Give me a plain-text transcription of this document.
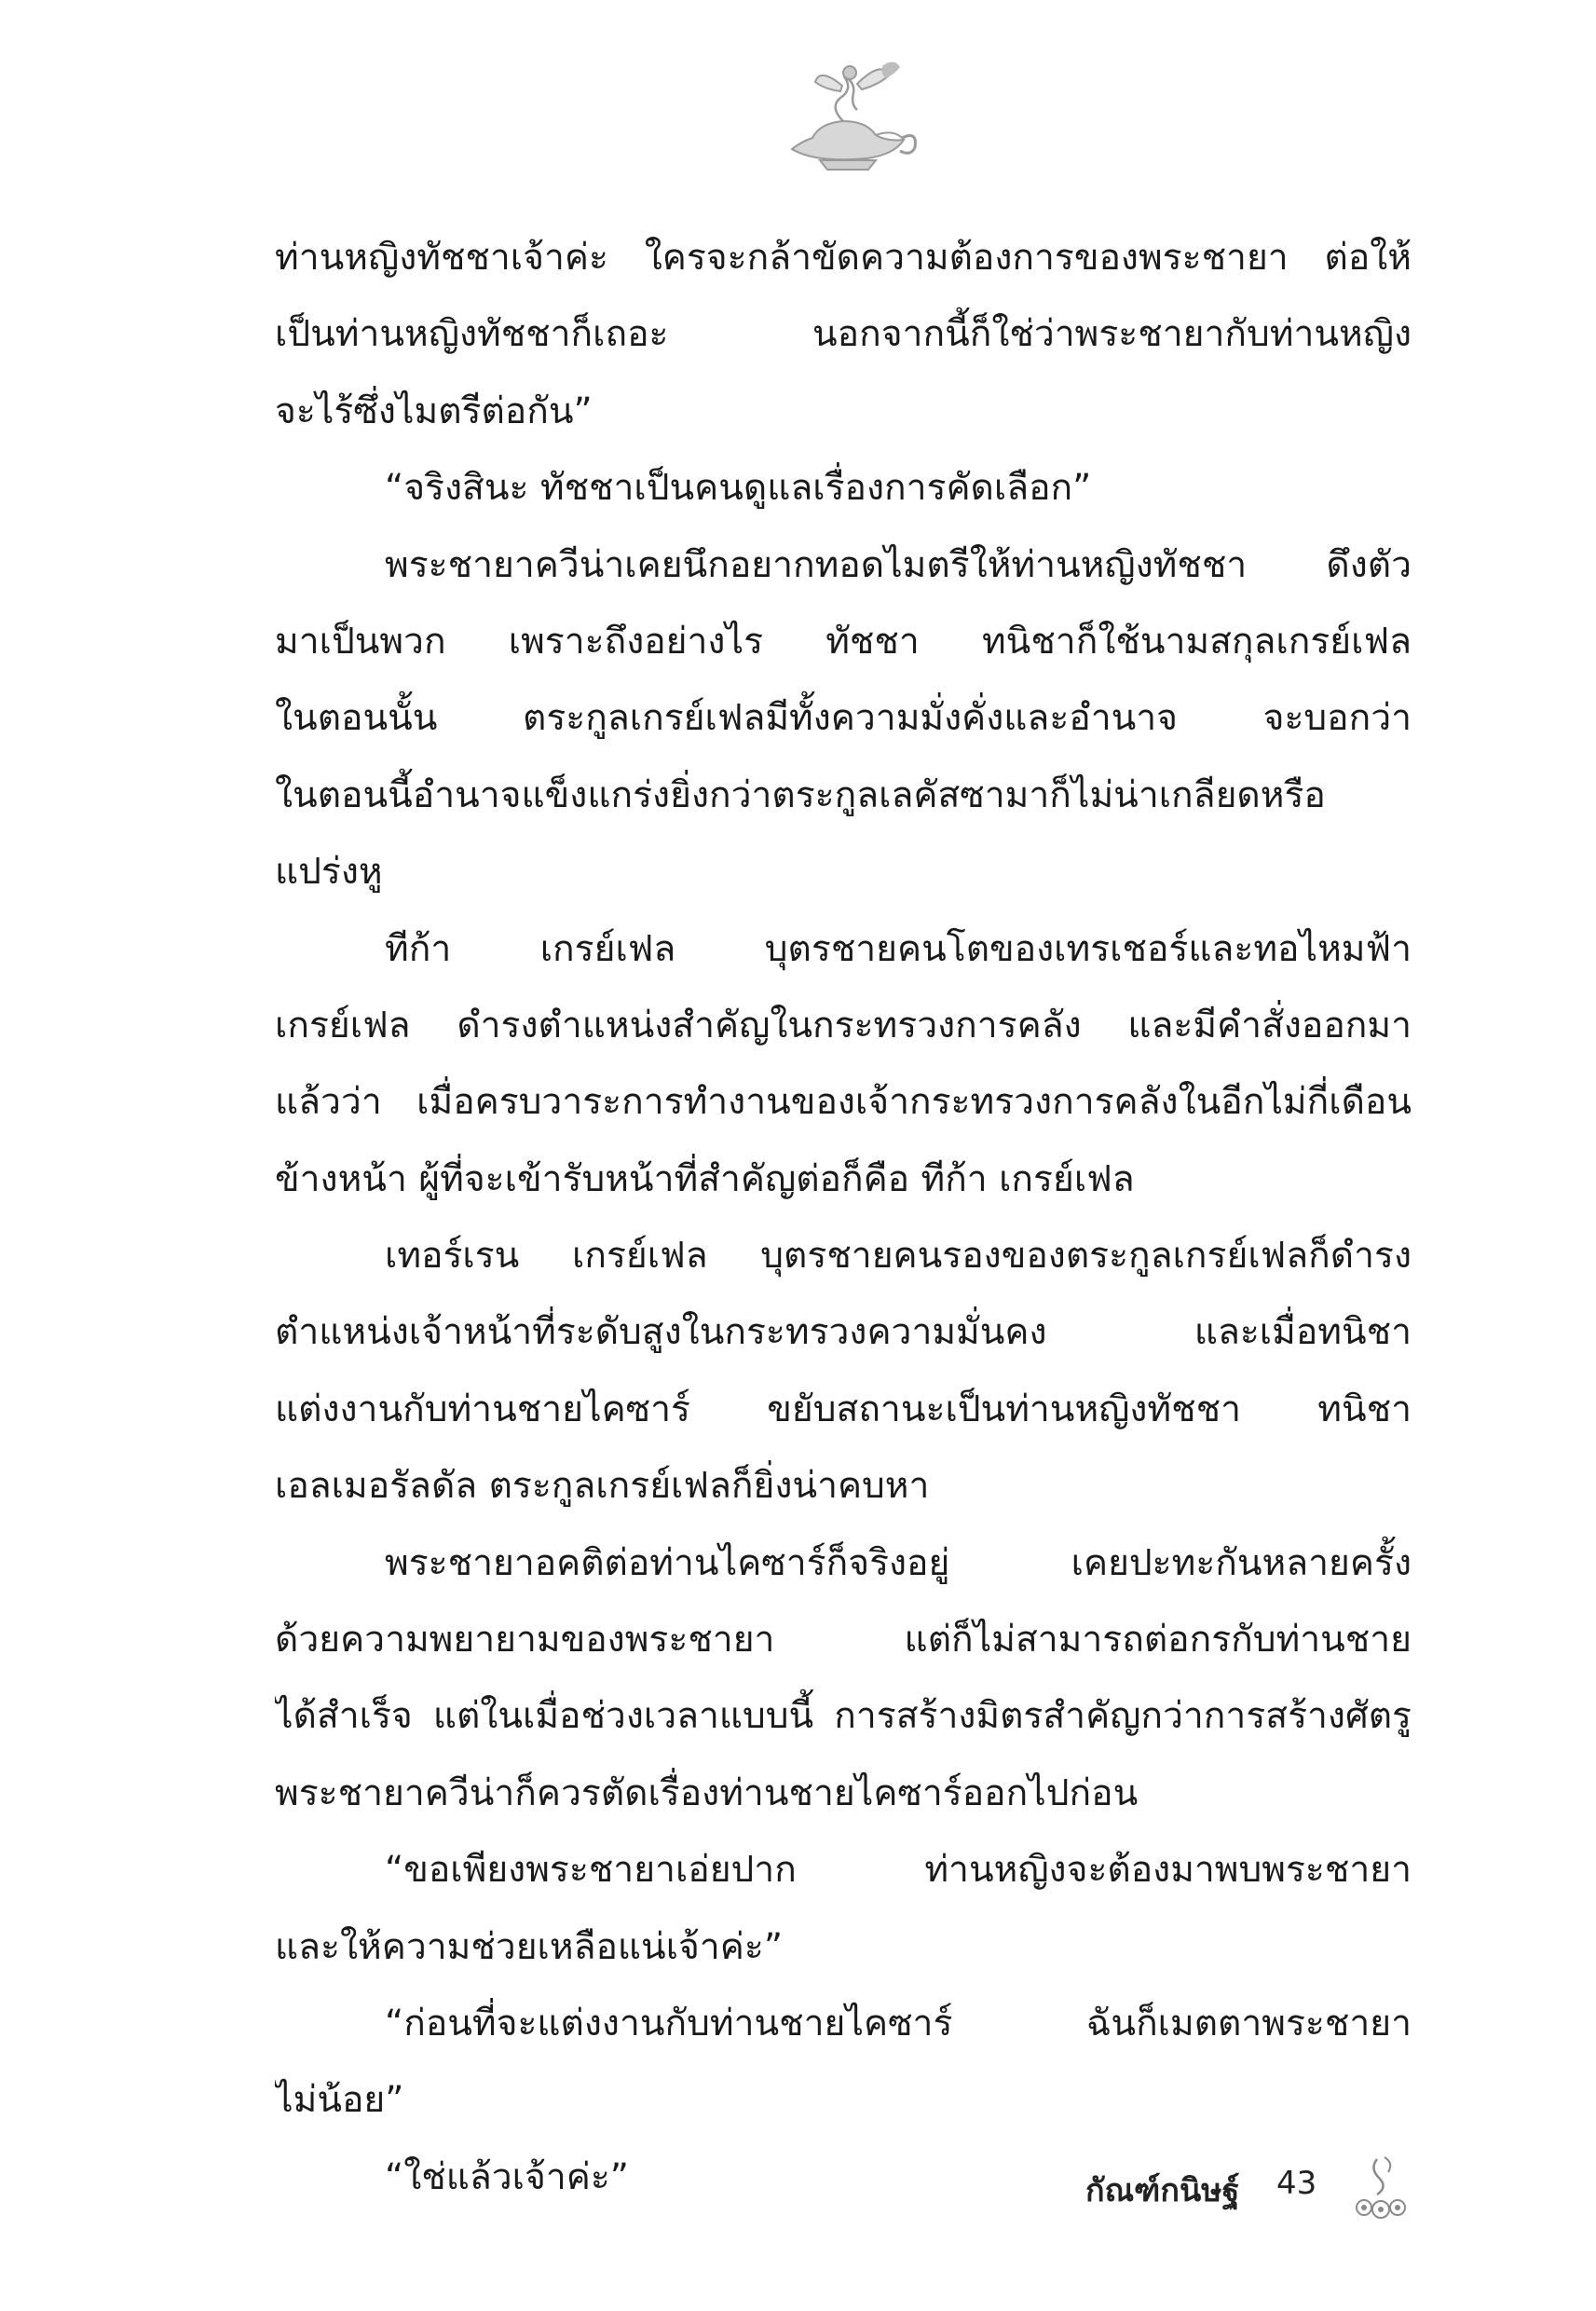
ท่านหญิงทัชชาเจ้าค่ะ ใครจะกล้าขัดความต้องการของพระชายา ต่อให้
เป็นท่านหญิงทัชชาก็เถอะ นอกจากนี้ก็ใช่ว่าพระชายากับท่านหญิง
จะไร้ซึ่งไมตรีต่อกัน”
“จริงสินะ ทัชชาเป็นคนดูแลเรื่องการคัดเลือก”
พระชายาควีน่าเคยนึกอยากทอดไมตรีให้ท่านหญิงทัชชา ดึงตัว
มาเป็นพวก เพราะถึงอย่างไร ทัชชา ทนิชาก็ใช้นามสกุลเกรย์เฟล
ในตอนนั้น ตระกูลเกรย์เฟลมีทั้งความมั่งคั่งและอำนาจ จะบอกว่า
ในตอนนี้อำนาจแข็งแกร่งยิ่งกว่าตระกูลเลคัสซามาก็ไม่น่าเกลียดหรือ
แปร่งหู
ทีก้า เกรย์เฟล บุตรชายคนโตของเทรเชอร์และทอไหมฟ้า
เกรย์เฟล ดำรงตำแหน่งสำคัญในกระทรวงการคลัง และมีคำสั่งออกมา
แล้วว่า เมื่อครบวาระการทำงานของเจ้ากระทรวงการคลังในอีกไม่กี่เดือน
ข้างหน้า ผู้ที่จะเข้ารับหน้าที่สำคัญต่อก็คือ ทีก้า เกรย์เฟล
เทอร์เรน เกรย์เฟล บุตรชายคนรองของตระกูลเกรย์เฟลก็ดำรง
ตำแหน่งเจ้าหน้าที่ระดับสูงในกระทรวงความมั่นคง และเมื่อทนิชา
แต่งงานกับท่านชายไคซาร์ ขยับสถานะเป็นท่านหญิงทัชชา ทนิชา
เอลเมอรัลดัล ตระกูลเกรย์เฟลก็ยิ่งน่าคบหา
พระชายาอคติต่อท่านไคซาร์ก็จริงอยู่ เคยปะทะกันหลายครั้ง
ด้วยความพยายามของพระชายา แต่ก็ไม่สามารถต่อกรกับท่านชาย
ได้สำเร็จ แต่ในเมื่อช่วงเวลาแบบนี้ การสร้างมิตรสำคัญกว่าการสร้างศัตรู
พระชายาควีน่าก็ควรตัดเรื่องท่านชายไคซาร์ออกไปก่อน
“ขอเพียงพระชายาเอ่ยปาก ท่านหญิงจะต้องมาพบพระชายา
และให้ความช่วยเหลือแน่เจ้าค่ะ”
“ก่อนที่จะแต่งงานกับท่านชายไคซาร์ ฉันก็เมตตาพระชายา
ไม่น้อย”
“ใช่แล้วเจ้าค่ะ”	กัณฑ์กนิษฐ์ 43
